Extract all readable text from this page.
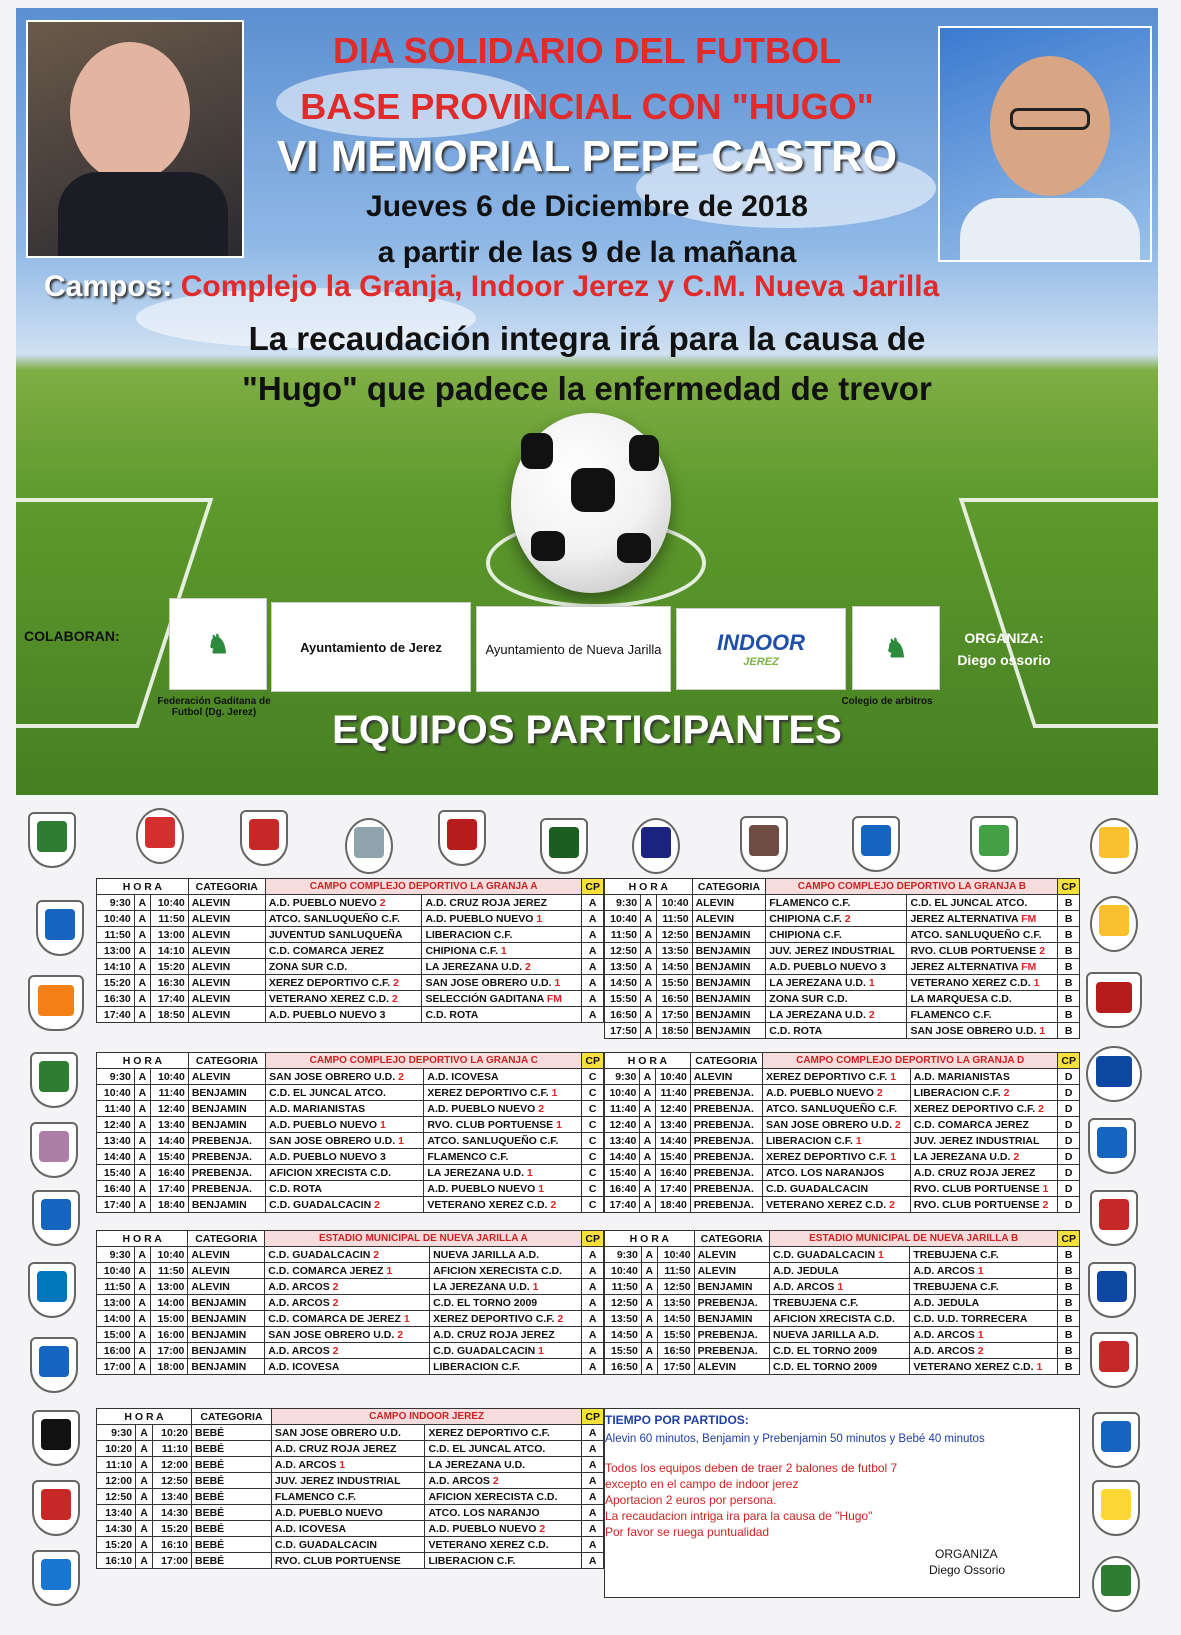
DIA SOLIDARIO DEL FUTBOL
BASE PROVINCIAL CON "HUGO"
VI MEMORIAL PEPE CASTRO
Jueves 6 de Diciembre de 2018
a partir de las 9 de la mañana
Campos: Complejo la Granja, Indoor Jerez y C.M. Nueva Jarilla
La recaudación integra irá para la causa de
"Hugo" que padece la enfermedad de trevor
COLABORAN:	♞
Federación Gaditana de Futbol (Dg. Jerez)
Ayuntamiento de Jerez	Ayuntamiento de Nueva Jarilla	INDOOR
JEREZ	♞
Colegio de arbitros
ORGANIZA:
Diego ossorio
EQUIPOS PARTICIPANTES
H O R A			CATEGORIA	CAMPO COMPLEJO DEPORTIVO LA GRANJA A		CP
9:30	A	10:40	ALEVIN	A.D. PUEBLO NUEVO 2	A.D. CRUZ ROJA JEREZ	A
10:40	A	11:50	ALEVIN	ATCO. SANLUQUEÑO C.F.	A.D. PUEBLO NUEVO 1	A
11:50	A	13:00	ALEVIN	JUVENTUD SANLUQUEÑA	LIBERACION C.F.	A
13:00	A	14:10	ALEVIN	C.D. COMARCA JEREZ	CHIPIONA C.F. 1	A
14:10	A	15:20	ALEVIN	ZONA SUR C.D.	LA JEREZANA U.D. 2	A
15:20	A	16:30	ALEVIN	XEREZ DEPORTIVO C.F. 2	SAN JOSE OBRERO U.D. 1	A
16:30	A	17:40	ALEVIN	VETERANO XEREZ C.D. 2	SELECCIÓN GADITANA FM	A
17:40	A	18:50	ALEVIN	A.D. PUEBLO NUEVO 3	C.D. ROTA	A
H O R A			CATEGORIA	CAMPO COMPLEJO DEPORTIVO LA GRANJA B		CP
9:30	A	10:40	ALEVIN	FLAMENCO C.F.	C.D. EL JUNCAL ATCO.	B
10:40	A	11:50	ALEVIN	CHIPIONA C.F. 2	JEREZ ALTERNATIVA FM	B
11:50	A	12:50	BENJAMIN	CHIPIONA C.F.	ATCO. SANLUQUEÑO C.F.	B
12:50	A	13:50	BENJAMIN	JUV. JEREZ INDUSTRIAL	RVO. CLUB PORTUENSE 2	B
13:50	A	14:50	BENJAMIN	A.D. PUEBLO NUEVO 3	JEREZ ALTERNATIVA FM	B
14:50	A	15:50	BENJAMIN	LA JEREZANA U.D. 1	VETERANO XEREZ C.D. 1	B
15:50	A	16:50	BENJAMIN	ZONA SUR C.D.	LA MARQUESA C.D.	B
16:50	A	17:50	BENJAMIN	LA JEREZANA U.D. 2	FLAMENCO C.F.	B
17:50	A	18:50	BENJAMIN	C.D. ROTA	SAN JOSE OBRERO U.D. 1	B
H O R A			CATEGORIA	CAMPO COMPLEJO DEPORTIVO LA GRANJA C		CP
9:30	A	10:40	ALEVIN	SAN JOSE OBRERO U.D. 2	A.D. ICOVESA	C
10:40	A	11:40	BENJAMIN	C.D. EL JUNCAL ATCO.	XEREZ DEPORTIVO C.F. 1	C
11:40	A	12:40	BENJAMIN	A.D. MARIANISTAS	A.D. PUEBLO NUEVO 2	C
12:40	A	13:40	BENJAMIN	A.D. PUEBLO NUEVO 1	RVO. CLUB PORTUENSE 1	C
13:40	A	14:40	PREBENJA.	SAN JOSE OBRERO U.D. 1	ATCO. SANLUQUEÑO C.F.	C
14:40	A	15:40	PREBENJA.	A.D. PUEBLO NUEVO 3	FLAMENCO C.F.	C
15:40	A	16:40	PREBENJA.	AFICION XRECISTA C.D.	LA JEREZANA U.D. 1	C
16:40	A	17:40	PREBENJA.	C.D. ROTA	A.D. PUEBLO NUEVO 1	C
17:40	A	18:40	BENJAMIN	C.D. GUADALCACIN 2	VETERANO XEREZ C.D. 2	C
H O R A			CATEGORIA	CAMPO COMPLEJO DEPORTIVO LA GRANJA D		CP
9:30	A	10:40	ALEVIN	XEREZ DEPORTIVO C.F. 1	A.D. MARIANISTAS	D
10:40	A	11:40	PREBENJA.	A.D. PUEBLO NUEVO 2	LIBERACION C.F. 2	D
11:40	A	12:40	PREBENJA.	ATCO. SANLUQUEÑO C.F.	XEREZ DEPORTIVO C.F. 2	D
12:40	A	13:40	PREBENJA.	SAN JOSE OBRERO U.D. 2	C.D. COMARCA JEREZ	D
13:40	A	14:40	PREBENJA.	LIBERACION C.F. 1	JUV. JEREZ INDUSTRIAL	D
14:40	A	15:40	PREBENJA.	XEREZ DEPORTIVO C.F. 1	LA JEREZANA U.D. 2	D
15:40	A	16:40	PREBENJA.	ATCO. LOS NARANJOS	A.D. CRUZ ROJA JEREZ	D
16:40	A	17:40	PREBENJA.	C.D. GUADALCACIN	RVO. CLUB PORTUENSE 1	D
17:40	A	18:40	PREBENJA.	VETERANO XEREZ C.D. 2	RVO. CLUB PORTUENSE 2	D
H O R A			CATEGORIA	ESTADIO MUNICIPAL DE NUEVA JARILLA A		CP
9:30	A	10:40	ALEVIN	C.D. GUADALCACIN 2	NUEVA JARILLA A.D.	A
10:40	A	11:50	ALEVIN	C.D. COMARCA JEREZ 1	AFICION XERECISTA C.D.	A
11:50	A	13:00	ALEVIN	A.D. ARCOS 2	LA JEREZANA U.D. 1	A
13:00	A	14:00	BENJAMIN	A.D. ARCOS 2	C.D. EL TORNO 2009	A
14:00	A	15:00	BENJAMIN	C.D. COMARCA DE JEREZ 1	XEREZ DEPORTIVO C.F. 2	A
15:00	A	16:00	BENJAMIN	SAN JOSE OBRERO U.D. 2	A.D. CRUZ ROJA JEREZ	A
16:00	A	17:00	BENJAMIN	A.D. ARCOS 2	C.D. GUADALCACIN 1	A
17:00	A	18:00	BENJAMIN	A.D. ICOVESA	LIBERACION C.F.	A
H O R A			CATEGORIA	ESTADIO MUNICIPAL DE NUEVA JARILLA B		CP
9:30	A	10:40	ALEVIN	C.D. GUADALCACIN 1	TREBUJENA C.F.	B
10:40	A	11:50	ALEVIN	A.D. JEDULA	A.D. ARCOS 1	B
11:50	A	12:50	BENJAMIN	A.D. ARCOS 1	TREBUJENA C.F.	B
12:50	A	13:50	PREBENJA.	TREBUJENA C.F.	A.D. JEDULA	B
13:50	A	14:50	BENJAMIN	AFICION XRECISTA C.D.	C.D. U.D. TORRECERA	B
14:50	A	15:50	PREBENJA.	NUEVA JARILLA A.D.	A.D. ARCOS 1	B
15:50	A	16:50	PREBENJA.	C.D. EL TORNO 2009	A.D. ARCOS 2	B
16:50	A	17:50	ALEVIN	C.D. EL TORNO 2009	VETERANO XEREZ C.D. 1	B
H O R A			CATEGORIA	CAMPO INDOOR JEREZ		CP
9:30	A	10:20	BEBÉ	SAN JOSE OBRERO U.D.	XEREZ DEPORTIVO C.F.	A
10:20	A	11:10	BEBÉ	A.D. CRUZ ROJA JEREZ	C.D. EL JUNCAL ATCO.	A
11:10	A	12:00	BEBÉ	A.D. ARCOS 1	LA JEREZANA U.D.	A
12:00	A	12:50	BEBÉ	JUV. JEREZ INDUSTRIAL	A.D. ARCOS 2	A
12:50	A	13:40	BEBÉ	FLAMENCO C.F.	AFICION XERECISTA C.D.	A
13:40	A	14:30	BEBÉ	A.D. PUEBLO NUEVO	ATCO. LOS NARANJO	A
14:30	A	15:20	BEBÉ	A.D. ICOVESA	A.D. PUEBLO NUEVO 2	A
15:20	A	16:10	BEBÉ	C.D. GUADALCACIN	VETERANO XEREZ C.D.	A
16:10	A	17:00	BEBÉ	RVO. CLUB PORTUENSE	LIBERACION C.F.	A
TIEMPO POR PARTIDOS:
Alevin 60 minutos, Benjamin y Prebenjamin 50 minutos y Bebé 40 minutos
Todos los equipos deben de traer 2 balones de futbol 7
excepto en el campo de indoor jerez
Aportacion 2 euros por persona.
La recaudacion intriga ira para la causa de "Hugo"
Por favor se ruega puntualidad
ORGANIZA
Diego Ossorio
